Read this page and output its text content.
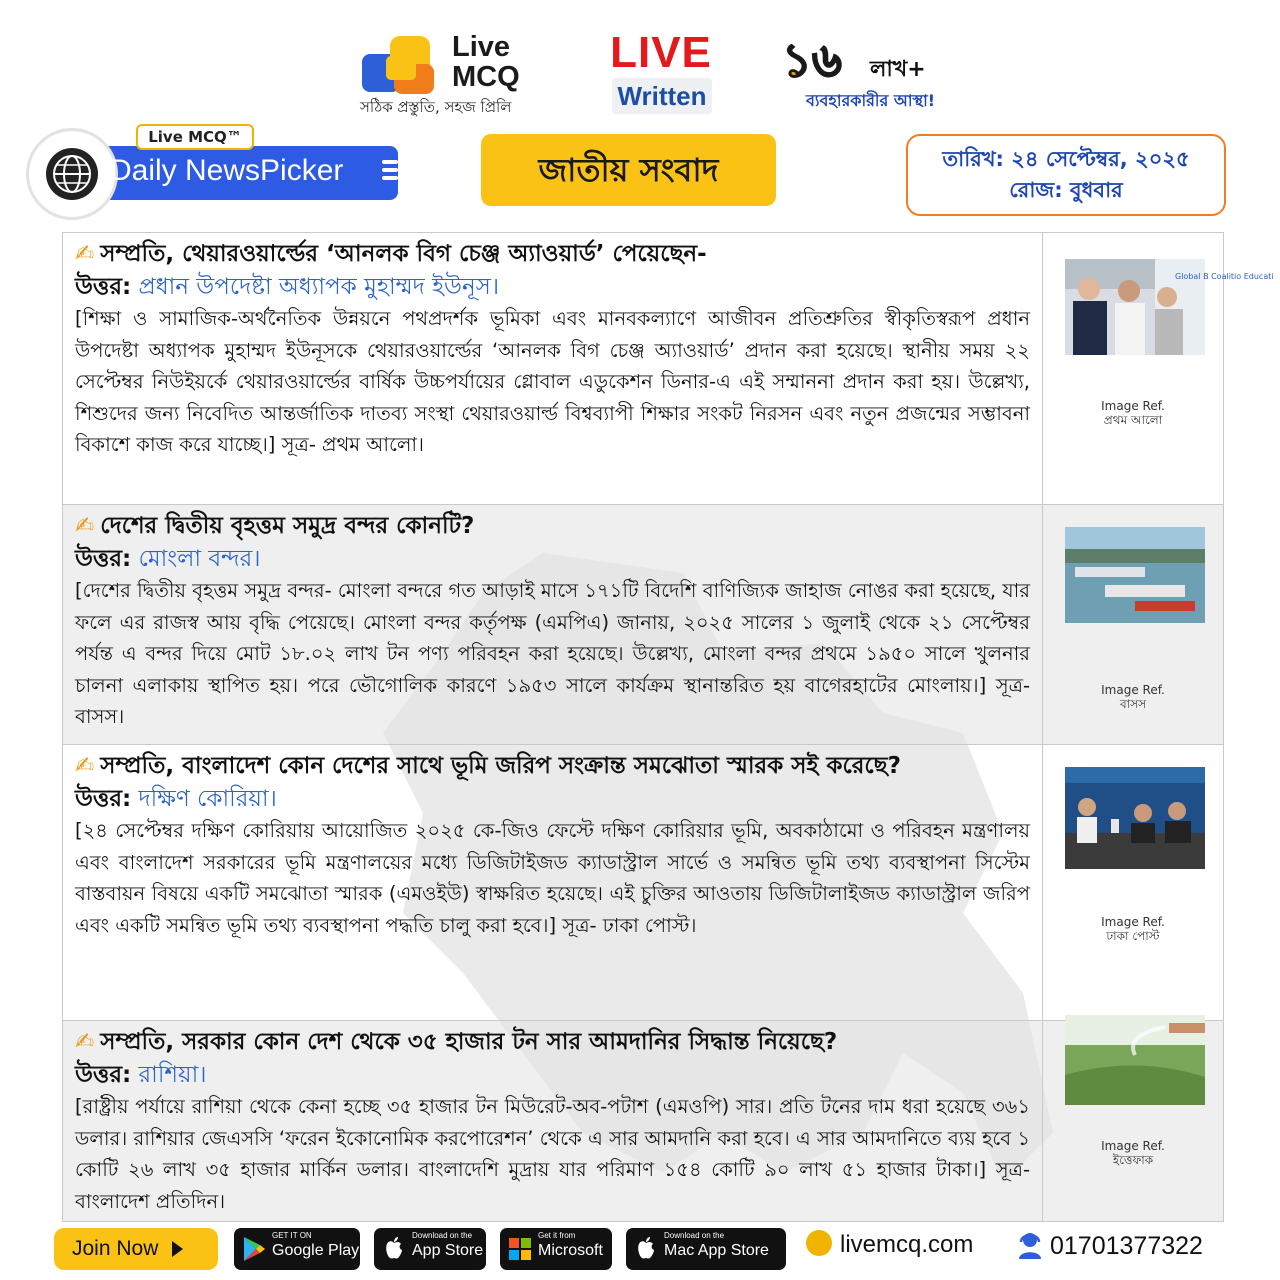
Live
MCQ
সঠিক প্রস্তুতি, সহজ প্রিলি
LIVE
Written
১৬ লাখ+
ব্যবহারকারীর আস্থা!
Live MCQ™
Daily NewsPicker	জাতীয় সংবাদ	তারিখ: ২৪ সেপ্টেম্বর, ২০২৫
রোজ: বুধবার
✍ সম্প্রতি, থেয়ারওয়ার্ল্ডের ‘আনলক বিগ চেঞ্জ অ্যাওয়ার্ড’ পেয়েছেন-
উত্তর: প্রধান উপদেষ্টা অধ্যাপক মুহাম্মদ ইউনূস।
[শিক্ষা ও সামাজিক-অর্থনৈতিক উন্নয়নে পথপ্রদর্শক ভূমিকা এবং মানবকল্যাণে আজীবন প্রতিশ্রুতির স্বীকৃতিস্বরূপ প্রধান উপদেষ্টা অধ্যাপক মুহাম্মদ ইউনূসকে থেয়ারওয়ার্ল্ডের ‘আনলক বিগ চেঞ্জ অ্যাওয়ার্ড’ প্রদান করা হয়েছে। স্থানীয় সময় ২২ সেপ্টেম্বর নিউইয়র্কে থেয়ারওয়ার্ল্ডের বার্ষিক উচ্চপর্যায়ের গ্লোবাল এডুকেশন ডিনার-এ এই সম্মাননা প্রদান করা হয়। উল্লেখ্য, শিশুদের জন্য নিবেদিত আন্তর্জাতিক দাতব্য সংস্থা থেয়ারওয়ার্ল্ড বিশ্বব্যাপী শিক্ষার সংকট নিরসন এবং নতুন প্রজন্মের সম্ভাবনা বিকাশে কাজ করে যাচ্ছে।] সূত্র- প্রথম আলো।
Global B Coalitio Educati
Image Ref.
প্রথম আলো
✍ দেশের দ্বিতীয় বৃহত্তম সমুদ্র বন্দর কোনটি?
উত্তর: মোংলা বন্দর।
[দেশের দ্বিতীয় বৃহত্তম সমুদ্র বন্দর- মোংলা বন্দরে গত আড়াই মাসে ১৭১টি বিদেশি বাণিজ্যিক জাহাজ নোঙর করা হয়েছে, যার ফলে এর রাজস্ব আয় বৃদ্ধি পেয়েছে। মোংলা বন্দর কর্তৃপক্ষ (এমপিএ) জানায়, ২০২৫ সালের ১ জুলাই থেকে ২১ সেপ্টেম্বর পর্যন্ত এ বন্দর দিয়ে মোট ১৮.০২ লাখ টন পণ্য পরিবহন করা হয়েছে। উল্লেখ্য, মোংলা বন্দর প্রথমে ১৯৫০ সালে খুলনার চালনা এলাকায় স্থাপিত হয়। পরে ভৌগোলিক কারণে ১৯৫৩ সালে কার্যক্রম স্থানান্তরিত হয় বাগেরহাটের মোংলায়।] সূত্র- বাসস।
Image Ref.
বাসস
✍ সম্প্রতি, বাংলাদেশ কোন দেশের সাথে ভূমি জরিপ সংক্রান্ত সমঝোতা স্মারক সই করেছে?
উত্তর: দক্ষিণ কোরিয়া।
[২৪ সেপ্টেম্বর দক্ষিণ কোরিয়ায় আয়োজিত ২০২৫ কে-জিও ফেস্টে দক্ষিণ কোরিয়ার ভূমি, অবকাঠামো ও পরিবহন মন্ত্রণালয় এবং বাংলাদেশ সরকারের ভূমি মন্ত্রণালয়ের মধ্যে ডিজিটাইজড ক্যাডাস্ট্রাল সার্ভে ও সমন্বিত ভূমি তথ্য ব্যবস্থাপনা সিস্টেম বাস্তবায়ন বিষয়ে একটি সমঝোতা স্মারক (এমওইউ) স্বাক্ষরিত হয়েছে। এই চুক্তির আওতায় ডিজিটালাইজড ক্যাডাস্ট্রাল জরিপ এবং একটি সমন্বিত ভূমি তথ্য ব্যবস্থাপনা পদ্ধতি চালু করা হবে।] সূত্র- ঢাকা পোস্ট।	Image Ref.
ঢাকা পোস্ট
✍ সম্প্রতি, সরকার কোন দেশ থেকে ৩৫ হাজার টন সার আমদানির সিদ্ধান্ত নিয়েছে?
উত্তর: রাশিয়া।
[রাষ্ট্রীয় পর্যায়ে রাশিয়া থেকে কেনা হচ্ছে ৩৫ হাজার টন মিউরেট-অব-পটাশ (এমওপি) সার। প্রতি টনের দাম ধরা হয়েছে ৩৬১ ডলার। রাশিয়ার জেএসসি ‘ফরেন ইকোনোমিক করপোরেশন’ থেকে এ সার আমদানি করা হবে। এ সার আমদানিতে ব্যয় হবে ১ কোটি ২৬ লাখ ৩৫ হাজার মার্কিন ডলার। বাংলাদেশি মুদ্রায় যার পরিমাণ ১৫৪ কোটি ৯০ লাখ ৫১ হাজার টাকা।] সূত্র- বাংলাদেশ প্রতিদিন।
Image Ref.
ইত্তেফাক
Join Now
GET IT ON
Google Play
Download on the
App Store
Get it from
Microsoft
Download on the
Mac App Store	livemcq.com	01701377322
